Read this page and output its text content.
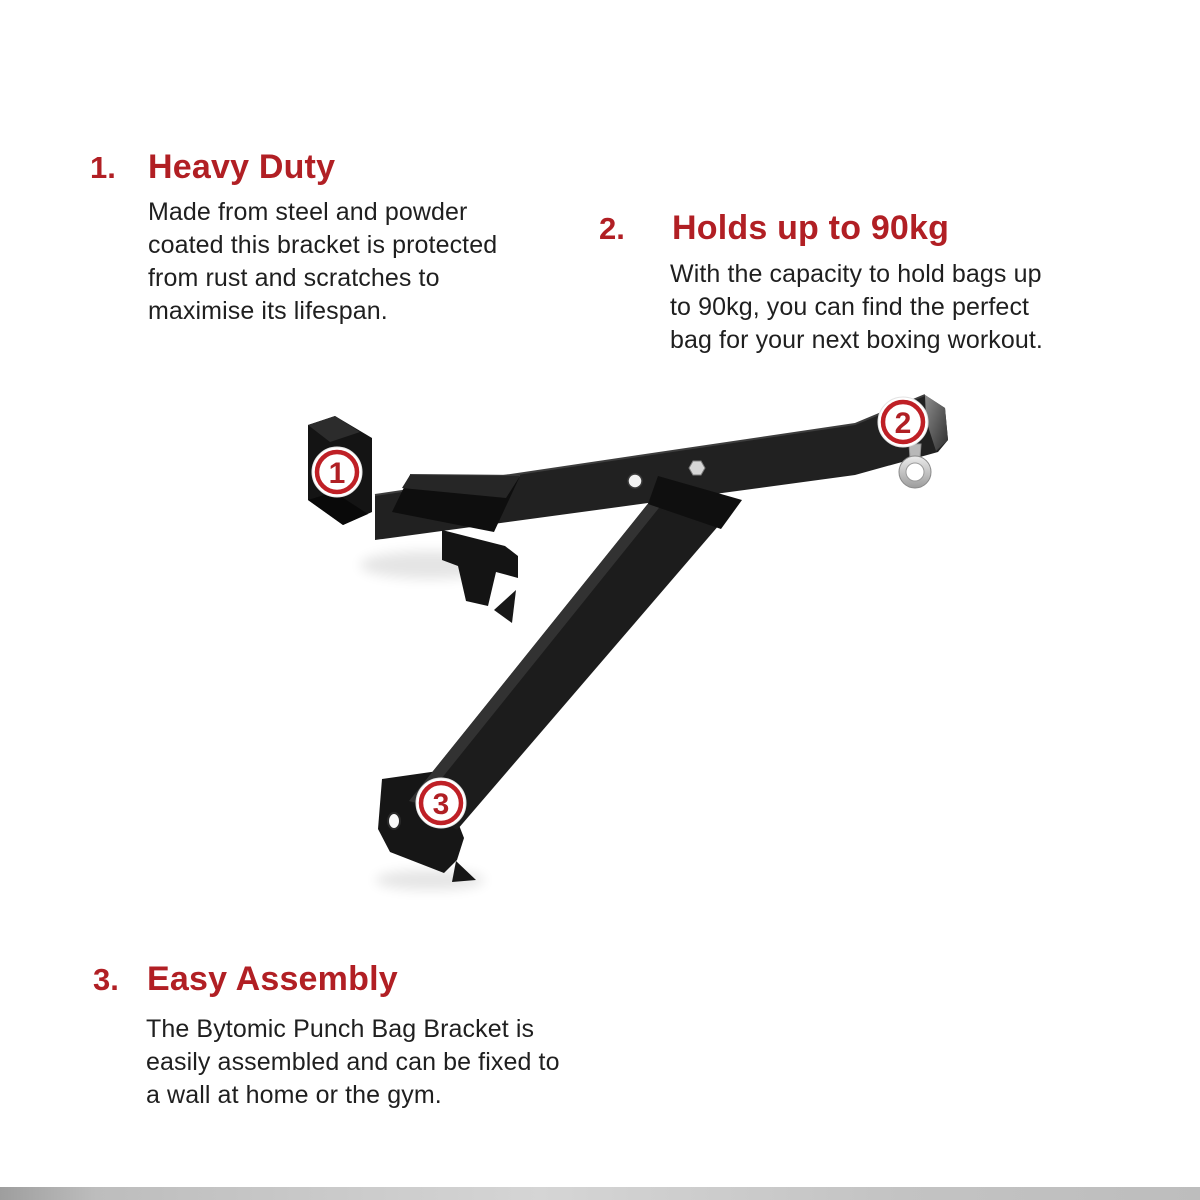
1. Heavy Duty
Made from steel and powder
coated this bracket is protected
from rust and scratches to
maximise its lifespan.
2. Holds up to 90kg
With the capacity to hold bags up
to 90kg, you can find the perfect
bag for your next boxing workout.
3. Easy Assembly
The Bytomic Punch Bag Bracket is
easily assembled and can be fixed to
a wall at home or the gym.
1
2
3
